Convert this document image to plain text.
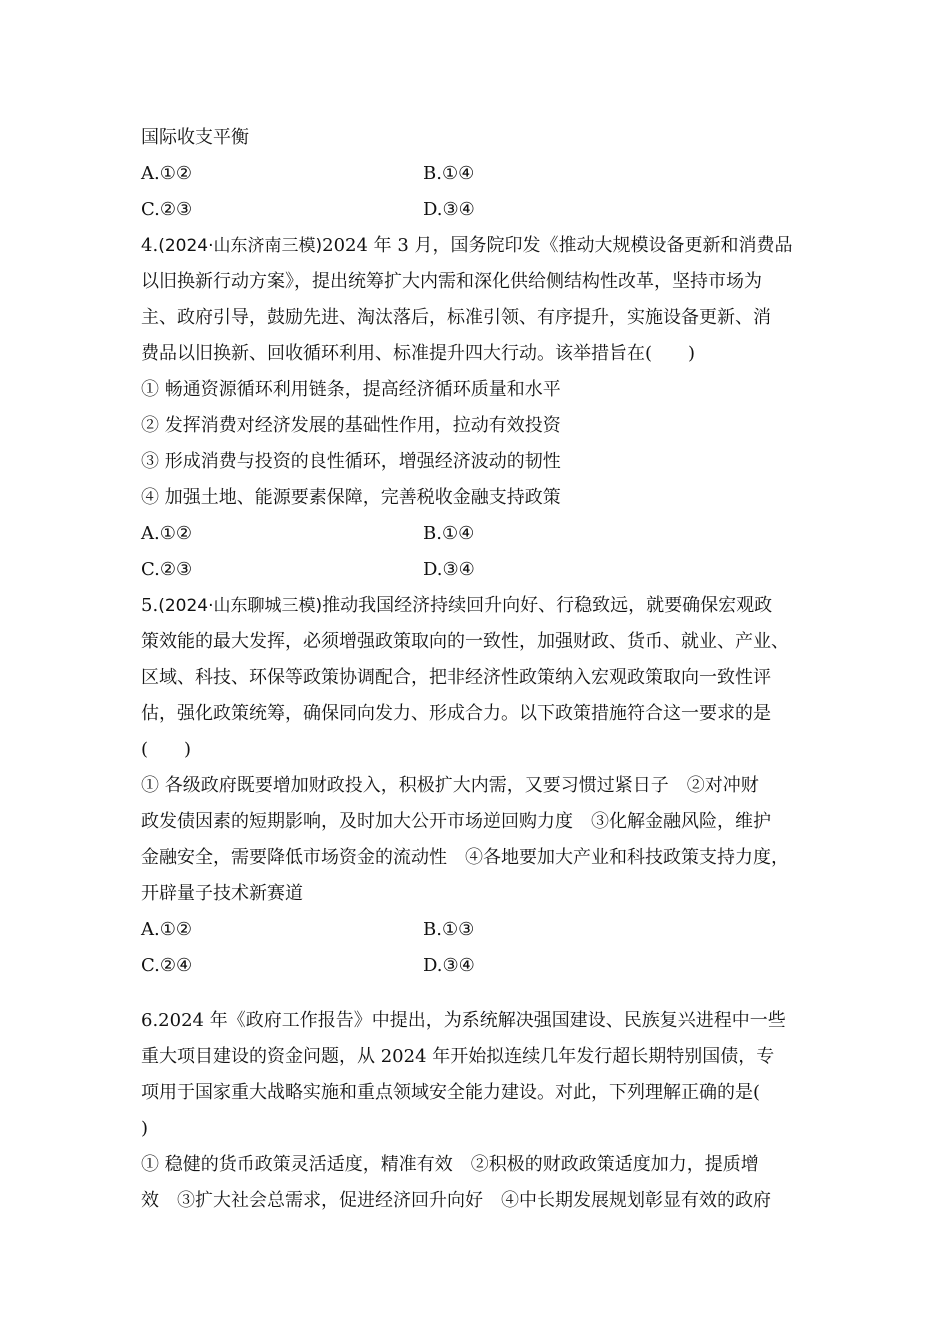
国际收支平衡
A.①②	B.①④
C.②③	D.③④
4.(2024·山东济南三模)2024 年 3 月，国务院印发《推动大规模设备更新和消费品
以旧换新行动方案》，提出统筹扩大内需和深化供给侧结构性改革，坚持市场为
主、政府引导，鼓励先进、淘汰落后，标准引领、有序提升，实施设备更新、消
费品以旧换新、回收循环利用、标准提升四大行动。该举措旨在(　　)
① 畅通资源循环利用链条，提高经济循环质量和水平
② 发挥消费对经济发展的基础性作用，拉动有效投资
③ 形成消费与投资的良性循环，增强经济波动的韧性
④ 加强土地、能源要素保障，完善税收金融支持政策
A.①②	B.①④
C.②③	D.③④
5.(2024·山东聊城三模)推动我国经济持续回升向好、行稳致远，就要确保宏观政
策效能的最大发挥，必须增强政策取向的一致性，加强财政、货币、就业、产业、
区域、科技、环保等政策协调配合，把非经济性政策纳入宏观政策取向一致性评
估，强化政策统筹，确保同向发力、形成合力。以下政策措施符合这一要求的是
(　　)
① 各级政府既要增加财政投入，积极扩大内需，又要习惯过紧日子　②对冲财
政发债因素的短期影响，及时加大公开市场逆回购力度　③化解金融风险，维护
金融安全，需要降低市场资金的流动性　④各地要加大产业和科技政策支持力度，
开辟量子技术新赛道
A.①②	B.①③
C.②④	D.③④
6.2024 年《政府工作报告》中提出，为系统解决强国建设、民族复兴进程中一些
重大项目建设的资金问题，从 2024 年开始拟连续几年发行超长期特别国债，专
项用于国家重大战略实施和重点领域安全能力建设。对此，下列理解正确的是(
)
① 稳健的货币政策灵活适度，精准有效　②积极的财政政策适度加力，提质增
效　③扩大社会总需求，促进经济回升向好　④中长期发展规划彰显有效的政府
